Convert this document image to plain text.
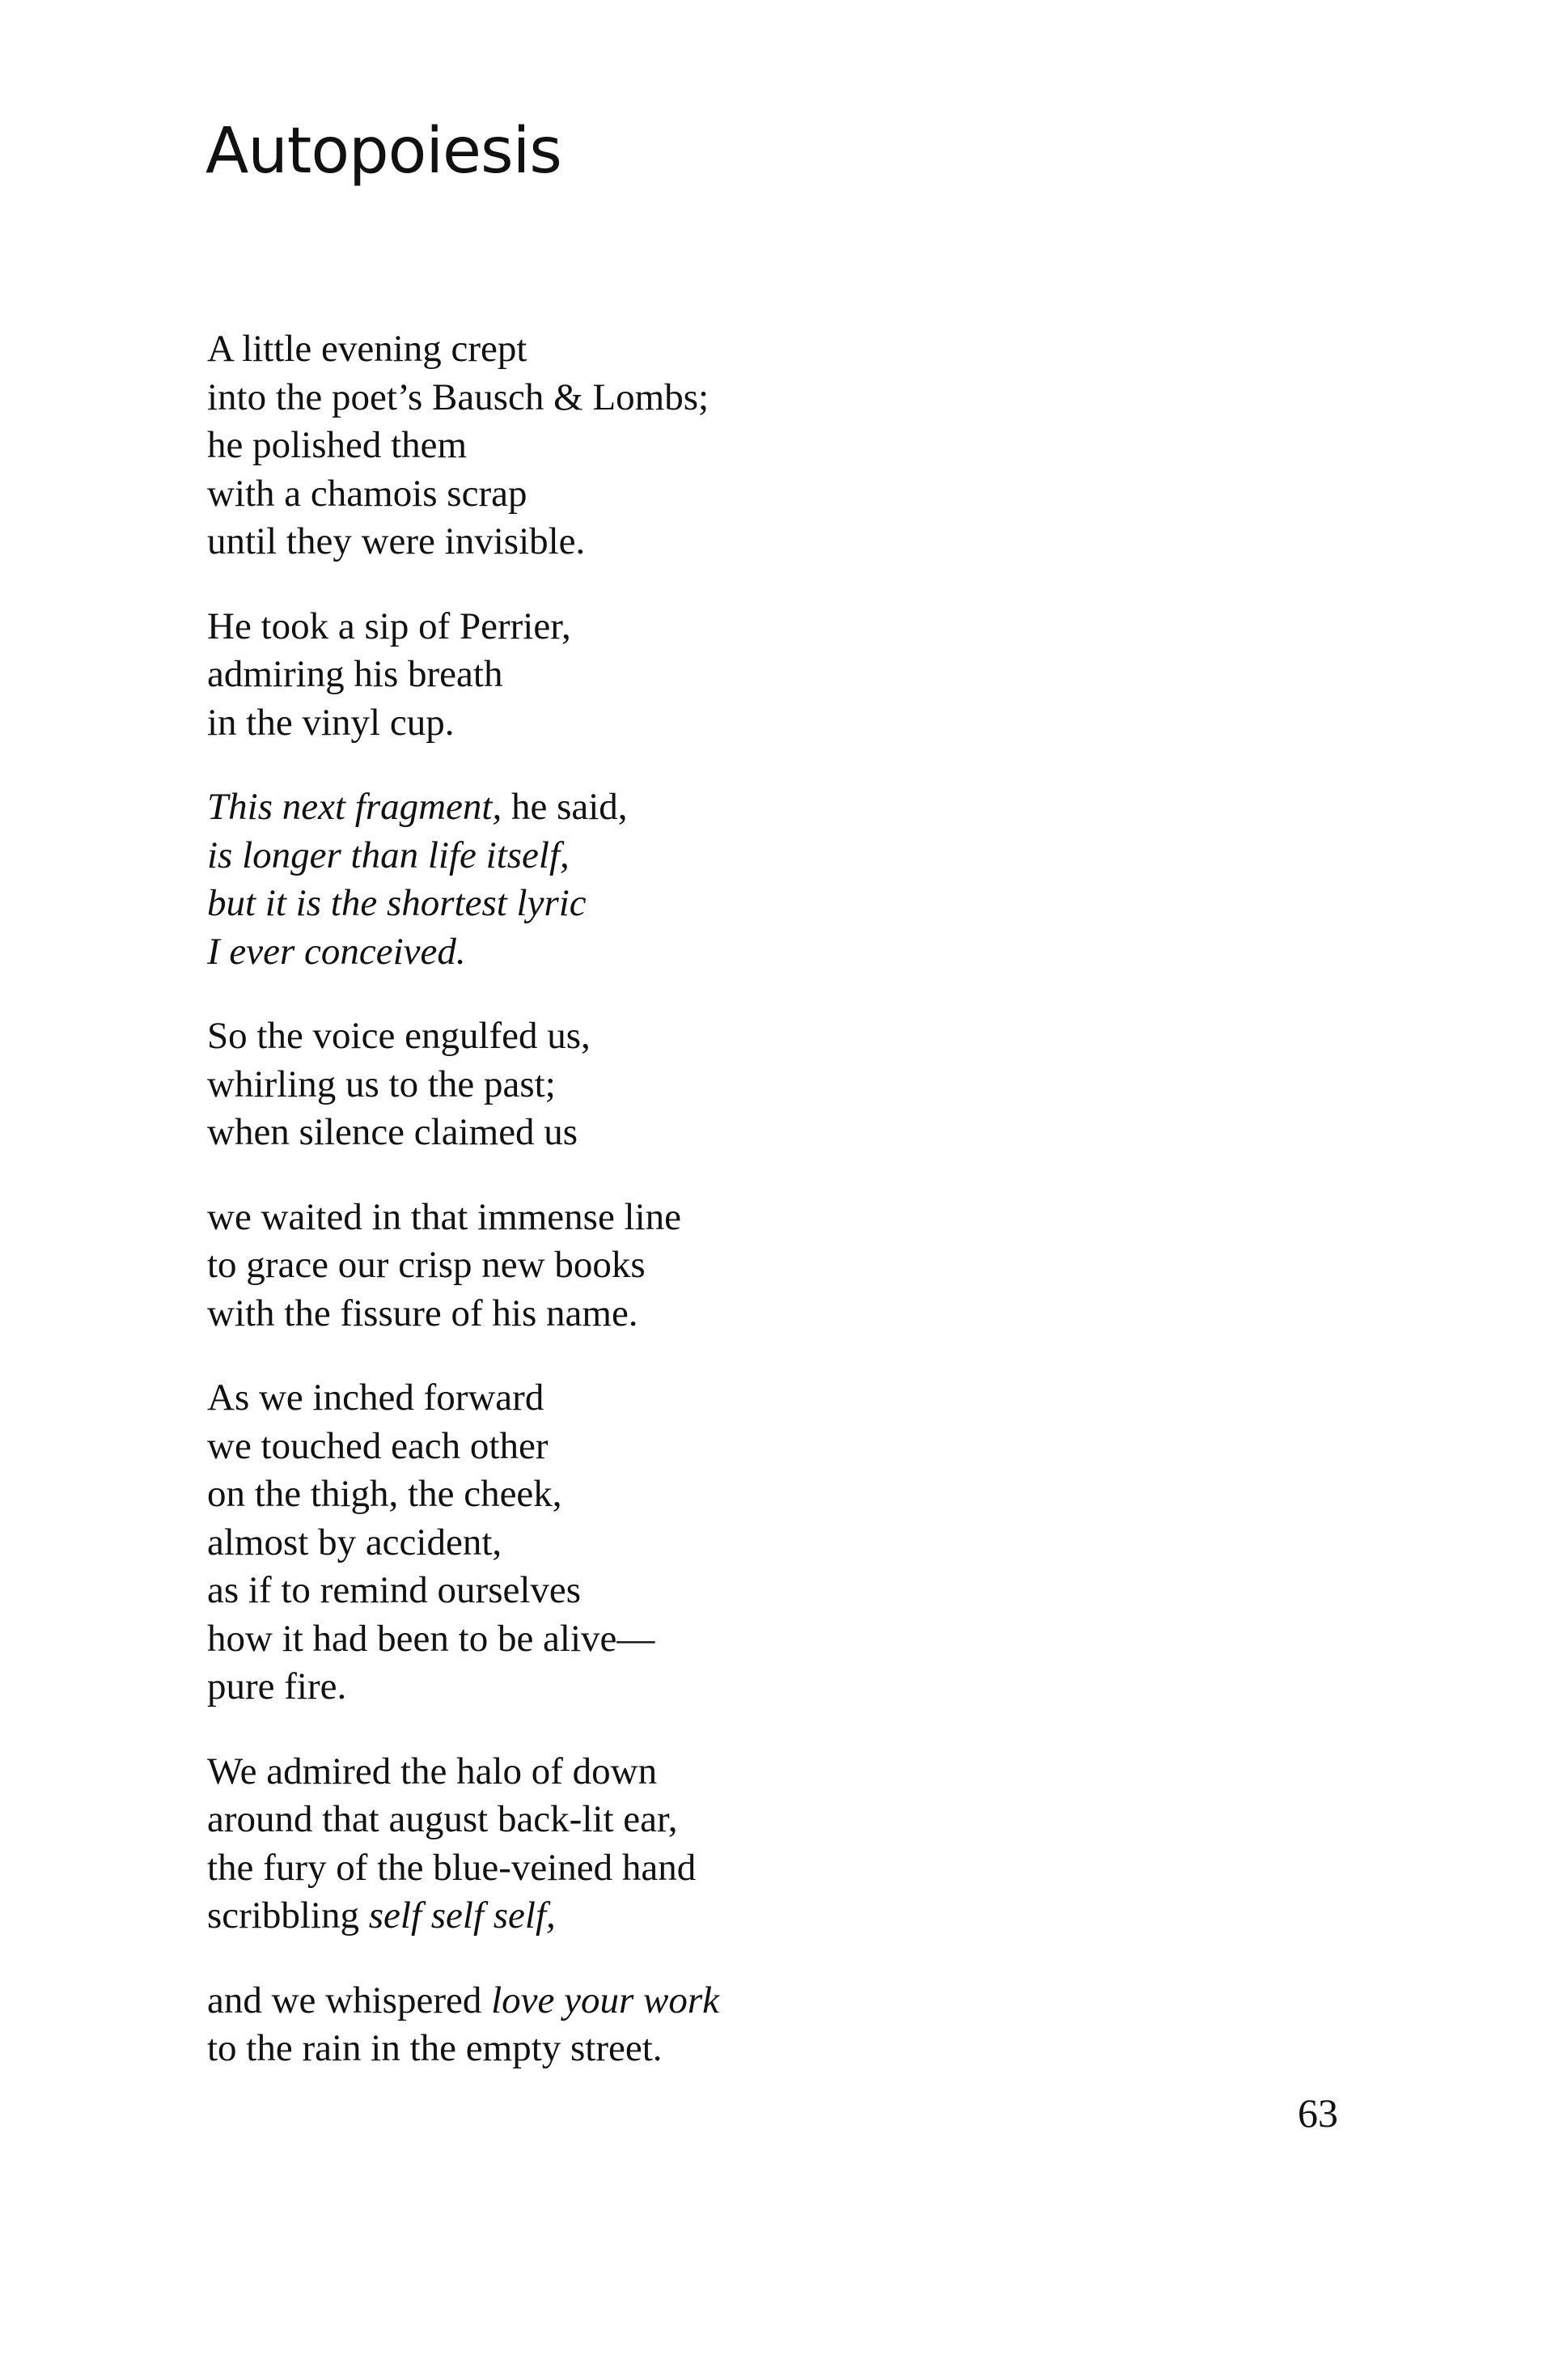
Autopoiesis
A little evening crept
into the poet’s Bausch & Lombs;
he polished them
with a chamois scrap
until they were invisible.
He took a sip of Perrier,
admiring his breath
in the vinyl cup.
This next fragment, he said,
is longer than life itself,
but it is the shortest lyric
I ever conceived.
So the voice engulfed us,
whirling us to the past;
when silence claimed us
we waited in that immense line
to grace our crisp new books
with the fissure of his name.
As we inched forward
we touched each other
on the thigh, the cheek,
almost by accident,
as if to remind ourselves
how it had been to be alive—
pure fire.
We admired the halo of down
around that august back-lit ear,
the fury of the blue-veined hand
scribbling self self self,
and we whispered love your work
to the rain in the empty street.
63
